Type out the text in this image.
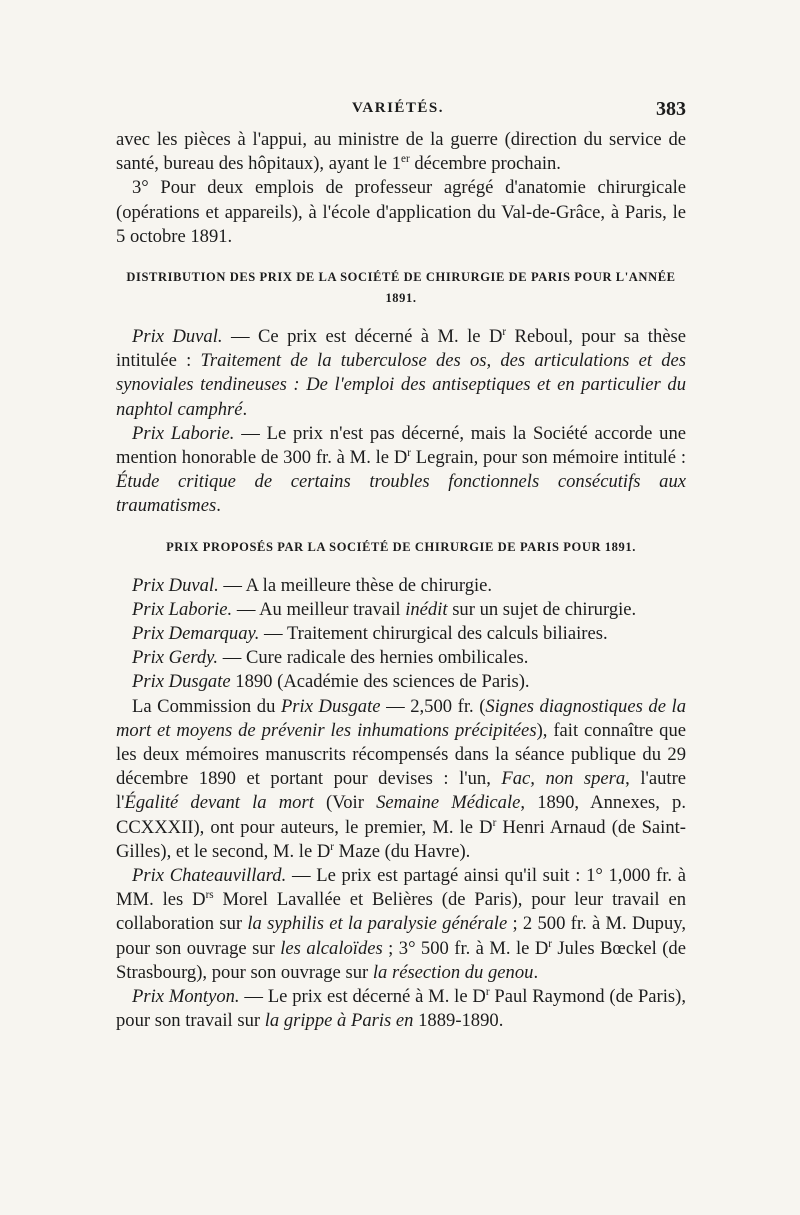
VARIÉTÉS.	383

avec les pièces à l'appui, au ministre de la guerre (direction du service de santé, bureau des hôpitaux), ayant le 1er décembre prochain.

3° Pour deux emplois de professeur agrégé d'anatomie chirurgicale (opérations et appareils), à l'école d'application du Val-de-Grâce, à Paris, le 5 octobre 1891.

DISTRIBUTION DES PRIX DE LA SOCIÉTÉ DE CHIRURGIE DE PARIS POUR L'ANNÉE 1891.

Prix Duval. — Ce prix est décerné à M. le $D^r$ Reboul, pour sa thèse intitulée : Traitement de la tuberculose des os, des articulations et des synoviales tendineuses : De l'emploi des antiseptiques et en particulier du naphtol camphré.

Prix Laborie. — Le prix n'est pas décerné, mais la Société accorde une mention honorable de 300 fr. à M. le $D^r$ Legrain, pour son mémoire intitulé : Étude critique de certains troubles fonctionnels consécutifs aux traumatismes.

PRIX PROPOSÉS PAR LA SOCIÉTÉ DE CHIRURGIE DE PARIS POUR 1891.

Prix Duval. — A la meilleure thèse de chirurgie.

Prix Laborie. — Au meilleur travail inédit sur un sujet de chirurgie.

Prix Demarquay. — Traitement chirurgical des calculs biliaires.

Prix Gerdy. — Cure radicale des hernies ombilicales.

Prix Dusgate 1890 (Académie des sciences de Paris).

La Commission du Prix Dusgate — 2,500 fr. (Signes diagnostiques de la mort et moyens de prévenir les inhumations précipitées), fait connaître que les deux mémoires manuscrits récompensés dans la séance publique du 29 décembre 1890 et portant pour devises : l'un, Fac, non spera, l'autre l'Égalité devant la mort (Voir Semaine Médicale, 1890, Annexes, p. CCXXXII), ont pour auteurs, le premier, M. le $D^r$ Henri Arnaud (de Saint-Gilles), et le second, M. le $D^r$ Maze (du Havre).

Prix Chateauvillard. — Le prix est partagé ainsi qu'il suit : 1° 1,000 fr. à MM. les $D^{rs}$ Morel Lavallée et Belières (de Paris), pour leur travail en collaboration sur la syphilis et la paralysie générale ; 2 500 fr. à M. Dupuy, pour son ouvrage sur les alcaloïdes ; 3° 500 fr. à M. le $D^r$ Jules Bœckel (de Strasbourg), pour son ouvrage sur la résection du genou.

Prix Montyon. — Le prix est décerné à M. le $D^r$ Paul Raymond (de Paris), pour son travail sur la grippe à Paris en 1889-1890.
